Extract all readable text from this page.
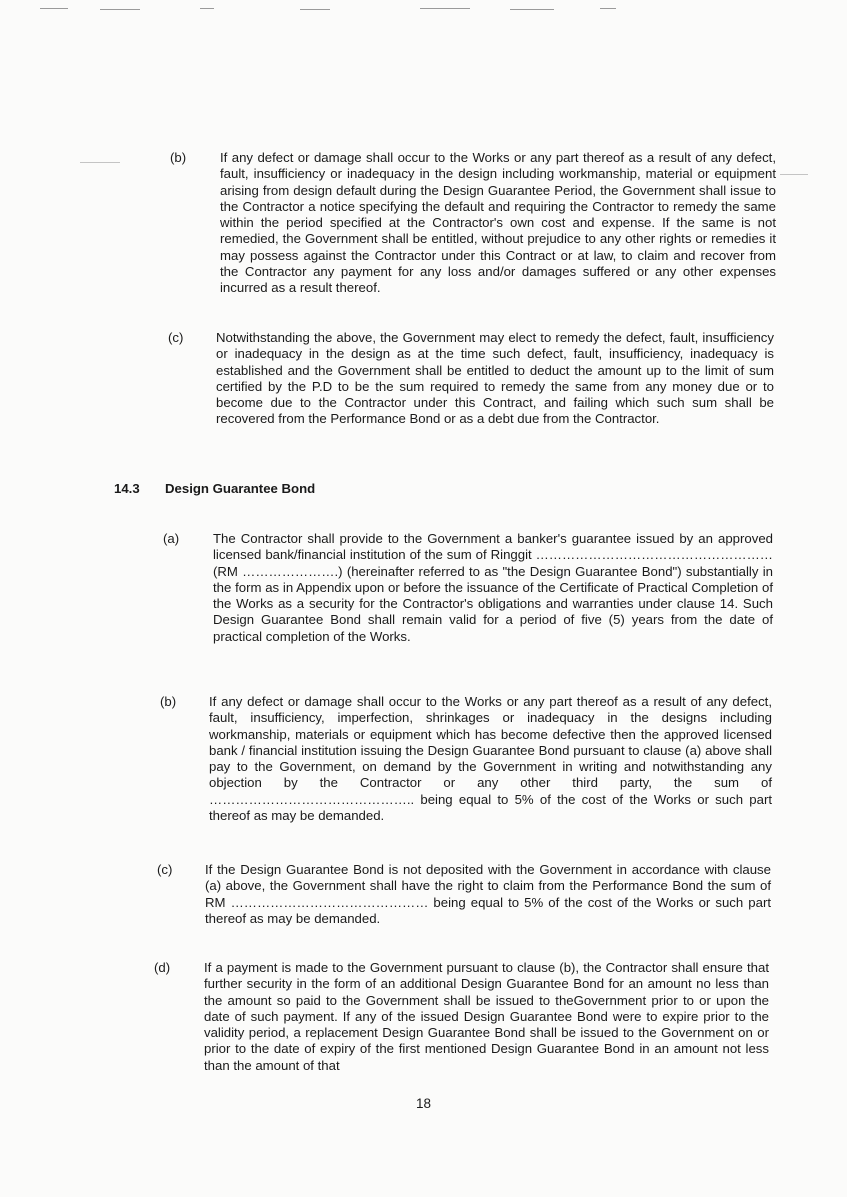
(b)	If any defect or damage shall occur to the Works or any part thereof as a result of any defect, fault, insufficiency or inadequacy in the design including workmanship, material or equipment arising from design default during the Design Guarantee Period, the Government shall issue to the Contractor a notice specifying the default and requiring the Contractor to remedy the same within the period specified at the Contractor's own cost and expense. If the same is not remedied, the Government shall be entitled, without prejudice to any other rights or remedies it may possess against the Contractor under this Contract or at law, to claim and recover from the Contractor any payment for any loss and/or damages suffered or any other expenses incurred as a result thereof.
(c) Notwithstanding the above, the Government may elect to remedy the defect, fault, insufficiency or inadequacy in the design as at the time such defect, fault, insufficiency, inadequacy is established and the Government shall be entitled to deduct the amount up to the limit of sum certified by the P.D to be the sum required to remedy the same from any money due or to become due to the Contractor under this Contract, and failing which such sum shall be recovered from the Performance Bond or as a debt due from the Contractor.
14.3 Design Guarantee Bond
(a)	The Contractor shall provide to the Government a banker's guarantee issued by an approved licensed bank/financial institution of the sum of Ringgit ……………………………………………… (RM ………………….) (hereinafter referred to as "the Design Guarantee Bond") substantially in the form as in Appendix upon or before the issuance of the Certificate of Practical Completion of the Works as a security for the Contractor's obligations and warranties under clause 14. Such Design Guarantee Bond shall remain valid for a period of five (5) years from the date of practical completion of the Works.
(b) If any defect or damage shall occur to the Works or any part thereof as a result of any defect, fault, insufficiency, imperfection, shrinkages or inadequacy in the designs including workmanship, materials or equipment which has become defective then the approved licensed bank / financial institution issuing the Design Guarantee Bond pursuant to clause (a) above shall pay to the Government, on demand by the Government in writing and notwithstanding any objection by the Contractor or any other third party, the sum of ……………………………………….. being equal to 5% of the cost of the Works or such part thereof as may be demanded.
(c) If the Design Guarantee Bond is not deposited with the Government in accordance with clause (a) above, the Government shall have the right to claim from the Performance Bond the sum of RM ……………………………………… being equal to 5% of the cost of the Works or such part thereof as may be demanded.
(d)	If a payment is made to the Government pursuant to clause (b), the Contractor shall ensure that further security in the form of an additional Design Guarantee Bond for an amount no less than the amount so paid to the Government shall be issued to theGovernment prior to or upon the date of such payment. If any of the issued Design Guarantee Bond were to expire prior to the validity period, a replacement Design Guarantee Bond shall be issued to the Government on or prior to the date of expiry of the first mentioned Design Guarantee Bond in an amount not less than the amount of that
18
